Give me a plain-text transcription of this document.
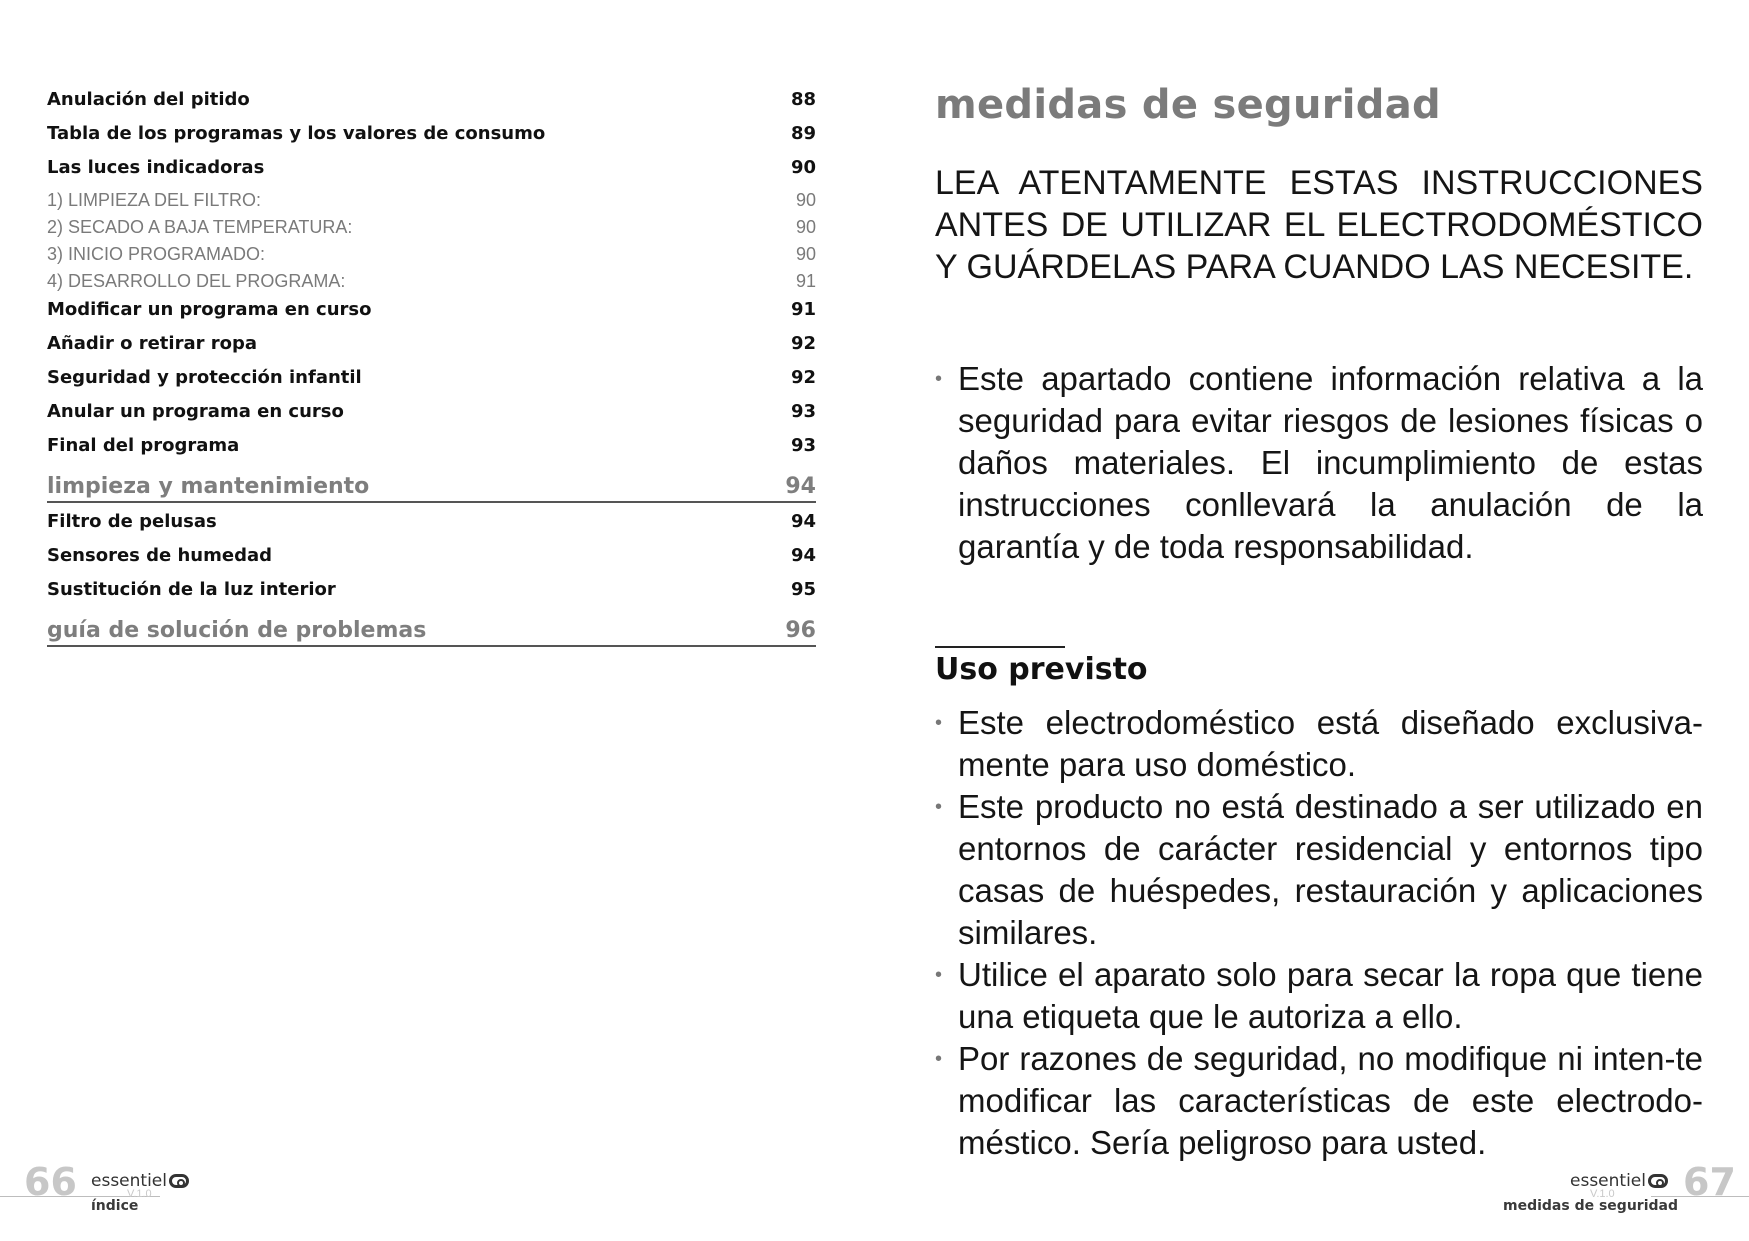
Anulación del pitido	88
Tabla de los programas y los valores de consumo	89
Las luces indicadoras	90
1) LIMPIEZA DEL FILTRO:	90
2) SECADO A BAJA TEMPERATURA:	90
3) INICIO PROGRAMADO:	90
4) DESARROLLO DEL PROGRAMA:	91
Modificar un programa en curso	91
Añadir o retirar ropa	92
Seguridad y protección infantil	92
Anular un programa en curso	93
Final del programa	93
limpieza y mantenimiento	94
Filtro de pelusas	94
Sensores de humedad	94
Sustitución de la luz interior	95
guía de solución de problemas	96
medidas de seguridad
LEA ATENTAMENTE ESTAS INSTRUCCIONES ANTES DE UTILIZAR EL ELECTRODOMÉSTICO Y GUÁRDELAS PARA CUANDO LAS NECESITE.
• Este apartado contiene información relativa a la seguridad para evitar riesgos de lesiones físicas o daños materiales. El incumplimiento de estas instrucciones conllevará la anulación de la garantía y de toda responsabilidad.
Uso previsto
• Este electrodoméstico está diseñado exclusiva-mente para uso doméstico.
• Este producto no está destinado a ser utilizado en entornos de carácter residencial y entornos tipo casas de huéspedes, restauración y aplicaciones similares.
• Utilice el aparato solo para secar la ropa que tiene una etiqueta que le autoriza a ello.
• Por razones de seguridad, no modifique ni inten-te modificar las características de este electrodo-méstico. Sería peligroso para usted.
66 essentiel
V.1.0
índice
67
essentiel
V.1.0
medidas de seguridad
